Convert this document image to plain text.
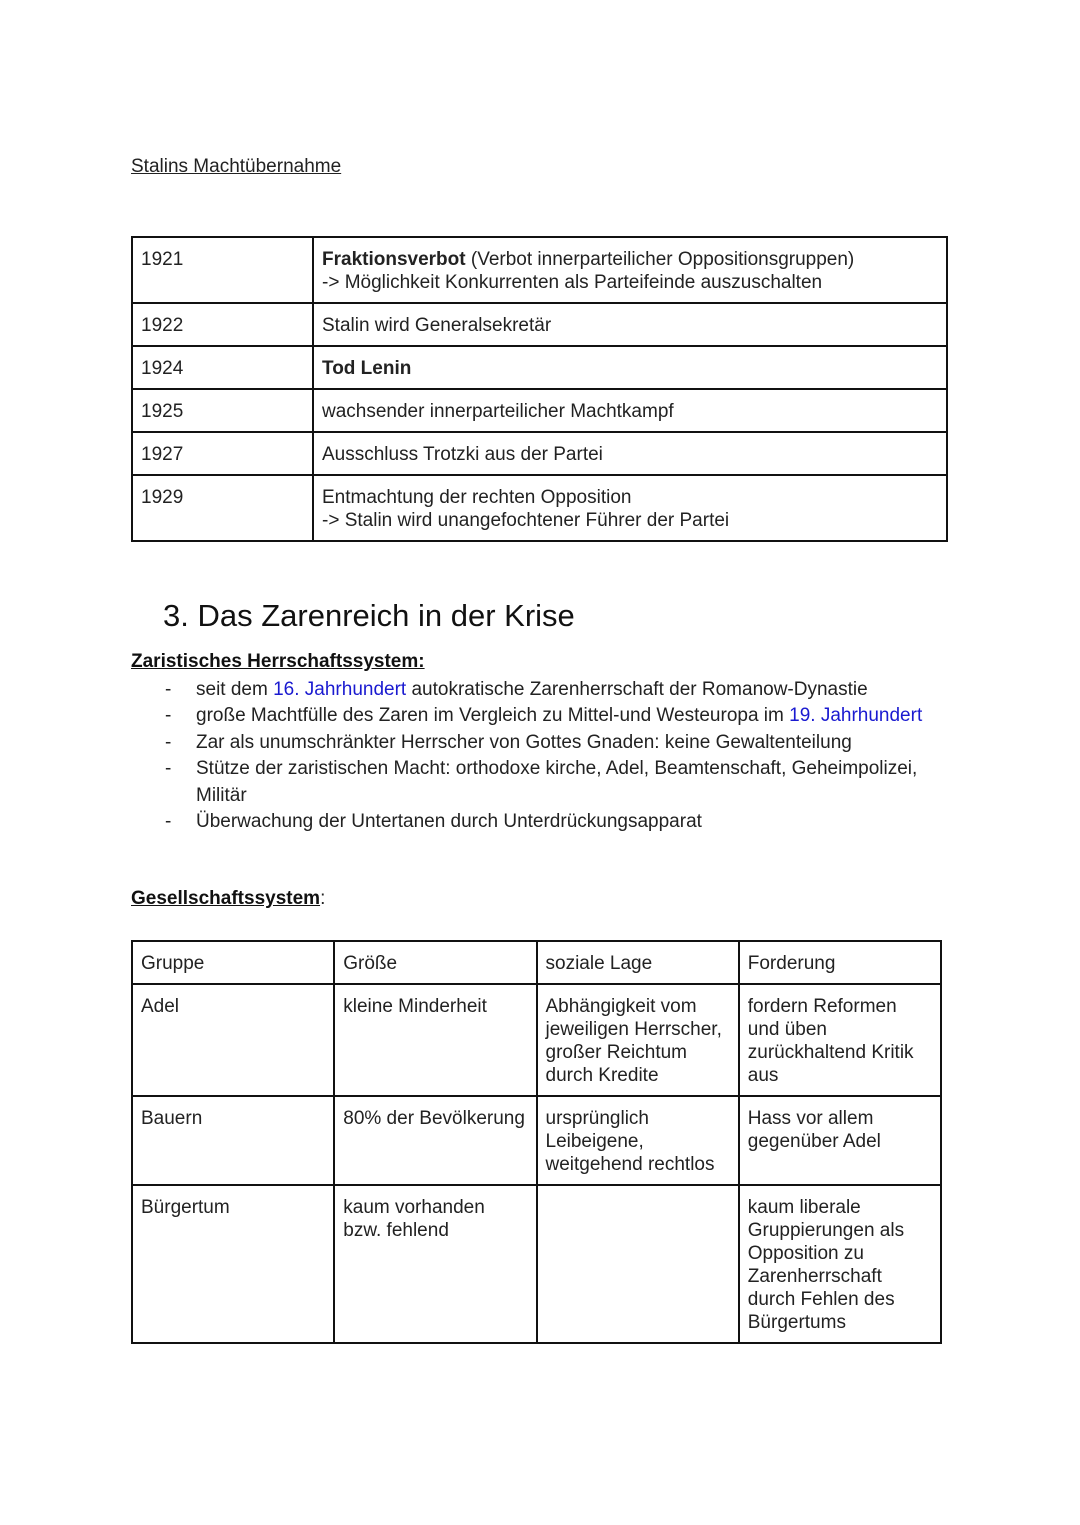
Stalins Machtübernahme
1921	Fraktionsverbot (Verbot innerparteilicher Oppositionsgruppen)
-> Möglichkeit Konkurrenten als Parteifeinde auszuschalten
1922	Stalin wird Generalsekretär
1924	Tod Lenin
1925	wachsender innerparteilicher Machtkampf
1927	Ausschluss Trotzki aus der Partei
1929	Entmachtung der rechten Opposition
-> Stalin wird unangefochtener Führer der Partei
3. Das Zarenreich in der Krise
Zaristisches Herrschaftssystem:
- seit dem 16. Jahrhundert autokratische Zarenherrschaft der Romanow-Dynastie
- große Machtfülle des Zaren im Vergleich zu Mittel-und Westeuropa im 19. Jahrhundert
- Zar als unumschränkter Herrscher von Gottes Gnaden: keine Gewaltenteilung
- Stütze der zaristischen Macht: orthodoxe kirche, Adel, Beamtenschaft, Geheimpolizei, Militär
- Überwachung der Untertanen durch Unterdrückungsapparat
Gesellschaftssystem:
Gruppe	Größe	soziale Lage	Forderung
Adel	kleine Minderheit	Abhängigkeit vom jeweiligen Herrscher, großer Reichtum durch Kredite	fordern Reformen und üben zurückhaltend Kritik aus
Bauern	80% der Bevölkerung	ursprünglich Leibeigene, weitgehend rechtlos	Hass vor allem gegenüber Adel
Bürgertum	kaum vorhanden bzw. fehlend		kaum liberale Gruppierungen als Opposition zu Zarenherrschaft durch Fehlen des Bürgertums
